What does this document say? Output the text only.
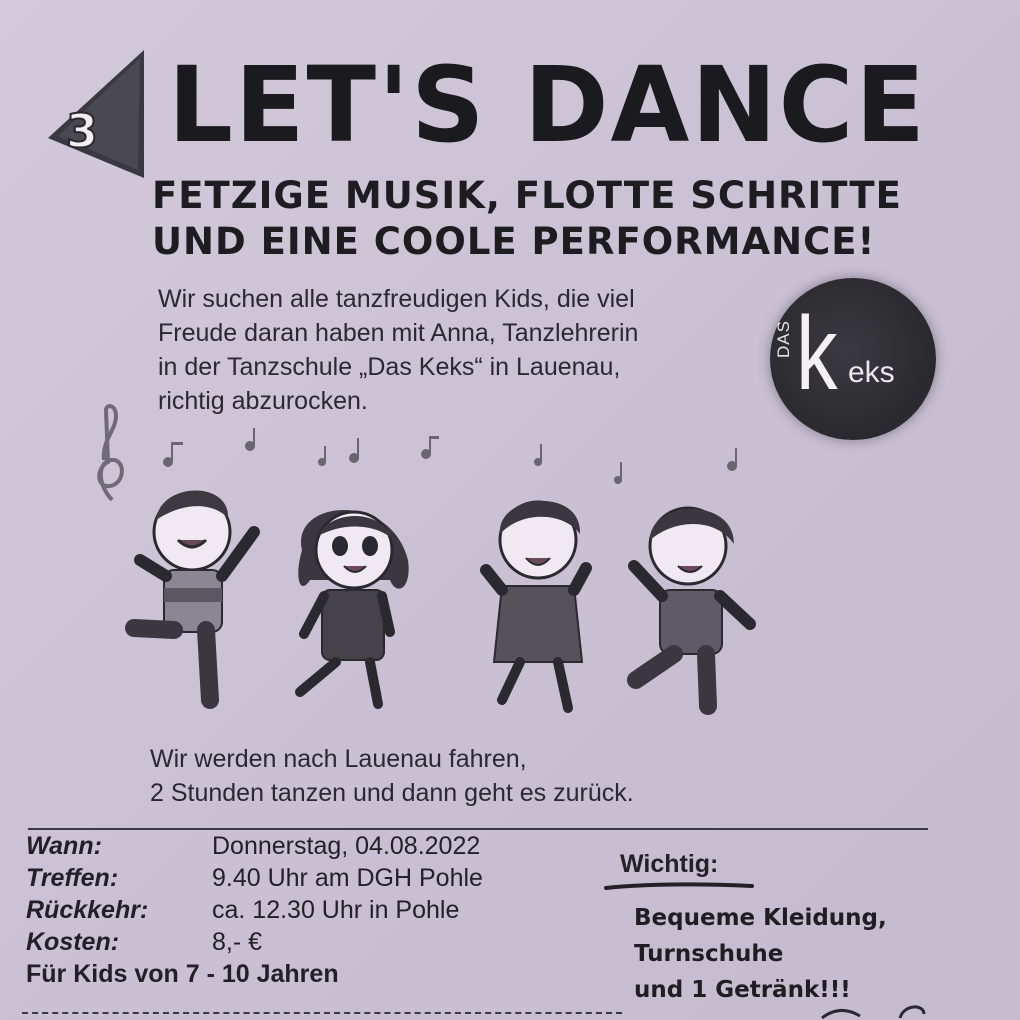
3 LET'S DANCE
FETZIGE MUSIK, FLOTTE SCHRITTE
UND EINE COOLE PERFORMANCE!
Wir suchen alle tanzfreudigen Kids, die viel
Freude daran haben mit Anna, Tanzlehrerin
in der Tanzschule „Das Keks“ in Lauenau,
richtig abzurocken.
DAS k eks
Wir werden nach Lauenau fahren,
2 Stunden tanzen und dann geht es zurück.
Wann:	Donnerstag, 04.08.2022
Treffen:	9.40 Uhr am DGH Pohle
Rückkehr:	ca. 12.30 Uhr in Pohle
Kosten:	8,- €
Für Kids von 7 - 10 Jahren
Wichtig:
Bequeme Kleidung,
Turnschuhe
und 1 Getränk!!!
